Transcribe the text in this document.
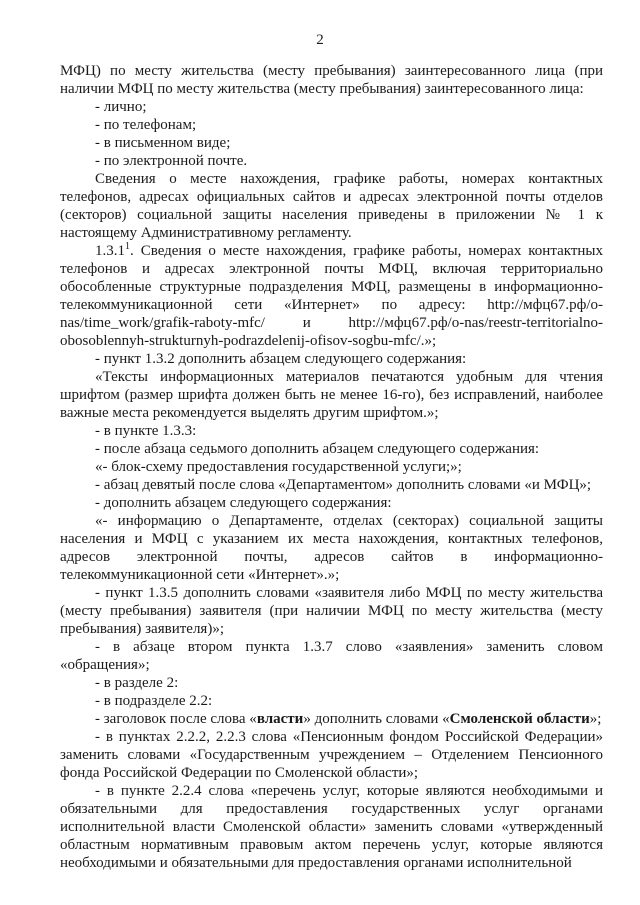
2

МФЦ) по месту жительства (месту пребывания) заинтересованного лица (при наличии МФЦ по месту жительства (месту пребывания) заинтересованного лица:

- лично;

- по телефонам;

- в письменном виде;

- по электронной почте.

Сведения о месте нахождения, графике работы, номерах контактных телефонов, адресах официальных сайтов и адресах электронной почты отделов (секторов) социальной защиты населения приведены в приложении № 1 к настоящему Административному регламенту.

1.3.1$^1$. Сведения о месте нахождения, графике работы, номерах контактных телефонов и адресах электронной почты МФЦ, включая территориально обособленные структурные подразделения МФЦ, размещены в информационно-телекоммуникационной сети «Интернет» по адресу: http://мфц67.рф/o-nas/time_work/grafik-raboty-mfc/ и http://мфц67.рф/o-nas/reestr-territorialno-obosoblennyh-strukturnyh-podrazdelenij-ofisov-sogbu-mfc/.»;

- пункт 1.3.2 дополнить абзацем следующего содержания:

«Тексты информационных материалов печатаются удобным для чтения шрифтом (размер шрифта должен быть не менее 16-го), без исправлений, наиболее важные места рекомендуется выделять другим шрифтом.»;

- в пункте 1.3.3:

- после абзаца седьмого дополнить абзацем следующего содержания:

«- блок-схему предоставления государственной услуги;»;

- абзац девятый после слова «Департаментом» дополнить словами «и МФЦ»;

- дополнить абзацем следующего содержания:

«- информацию о Департаменте, отделах (секторах) социальной защиты населения и МФЦ с указанием их места нахождения, контактных телефонов, адресов электронной почты, адресов сайтов в информационно-телекоммуникационной сети «Интернет».»;

- пункт 1.3.5 дополнить словами «заявителя либо МФЦ по месту жительства (месту пребывания) заявителя (при наличии МФЦ по месту жительства (месту пребывания) заявителя)»;

- в абзаце втором пункта 1.3.7 слово «заявления» заменить словом «обращения»;

- в разделе 2:

- в подразделе 2.2:

- заголовок после слова «власти» дополнить словами «Смоленской области»;

- в пунктах 2.2.2, 2.2.3 слова «Пенсионным фондом Российской Федерации» заменить словами «Государственным учреждением – Отделением Пенсионного фонда Российской Федерации по Смоленской области»;

- в пункте 2.2.4 слова «перечень услуг, которые являются необходимыми и обязательными для предоставления государственных услуг органами исполнительной власти Смоленской области» заменить словами «утвержденный областным нормативным правовым актом перечень услуг, которые являются необходимыми и обязательными для предоставления органами исполнительной
